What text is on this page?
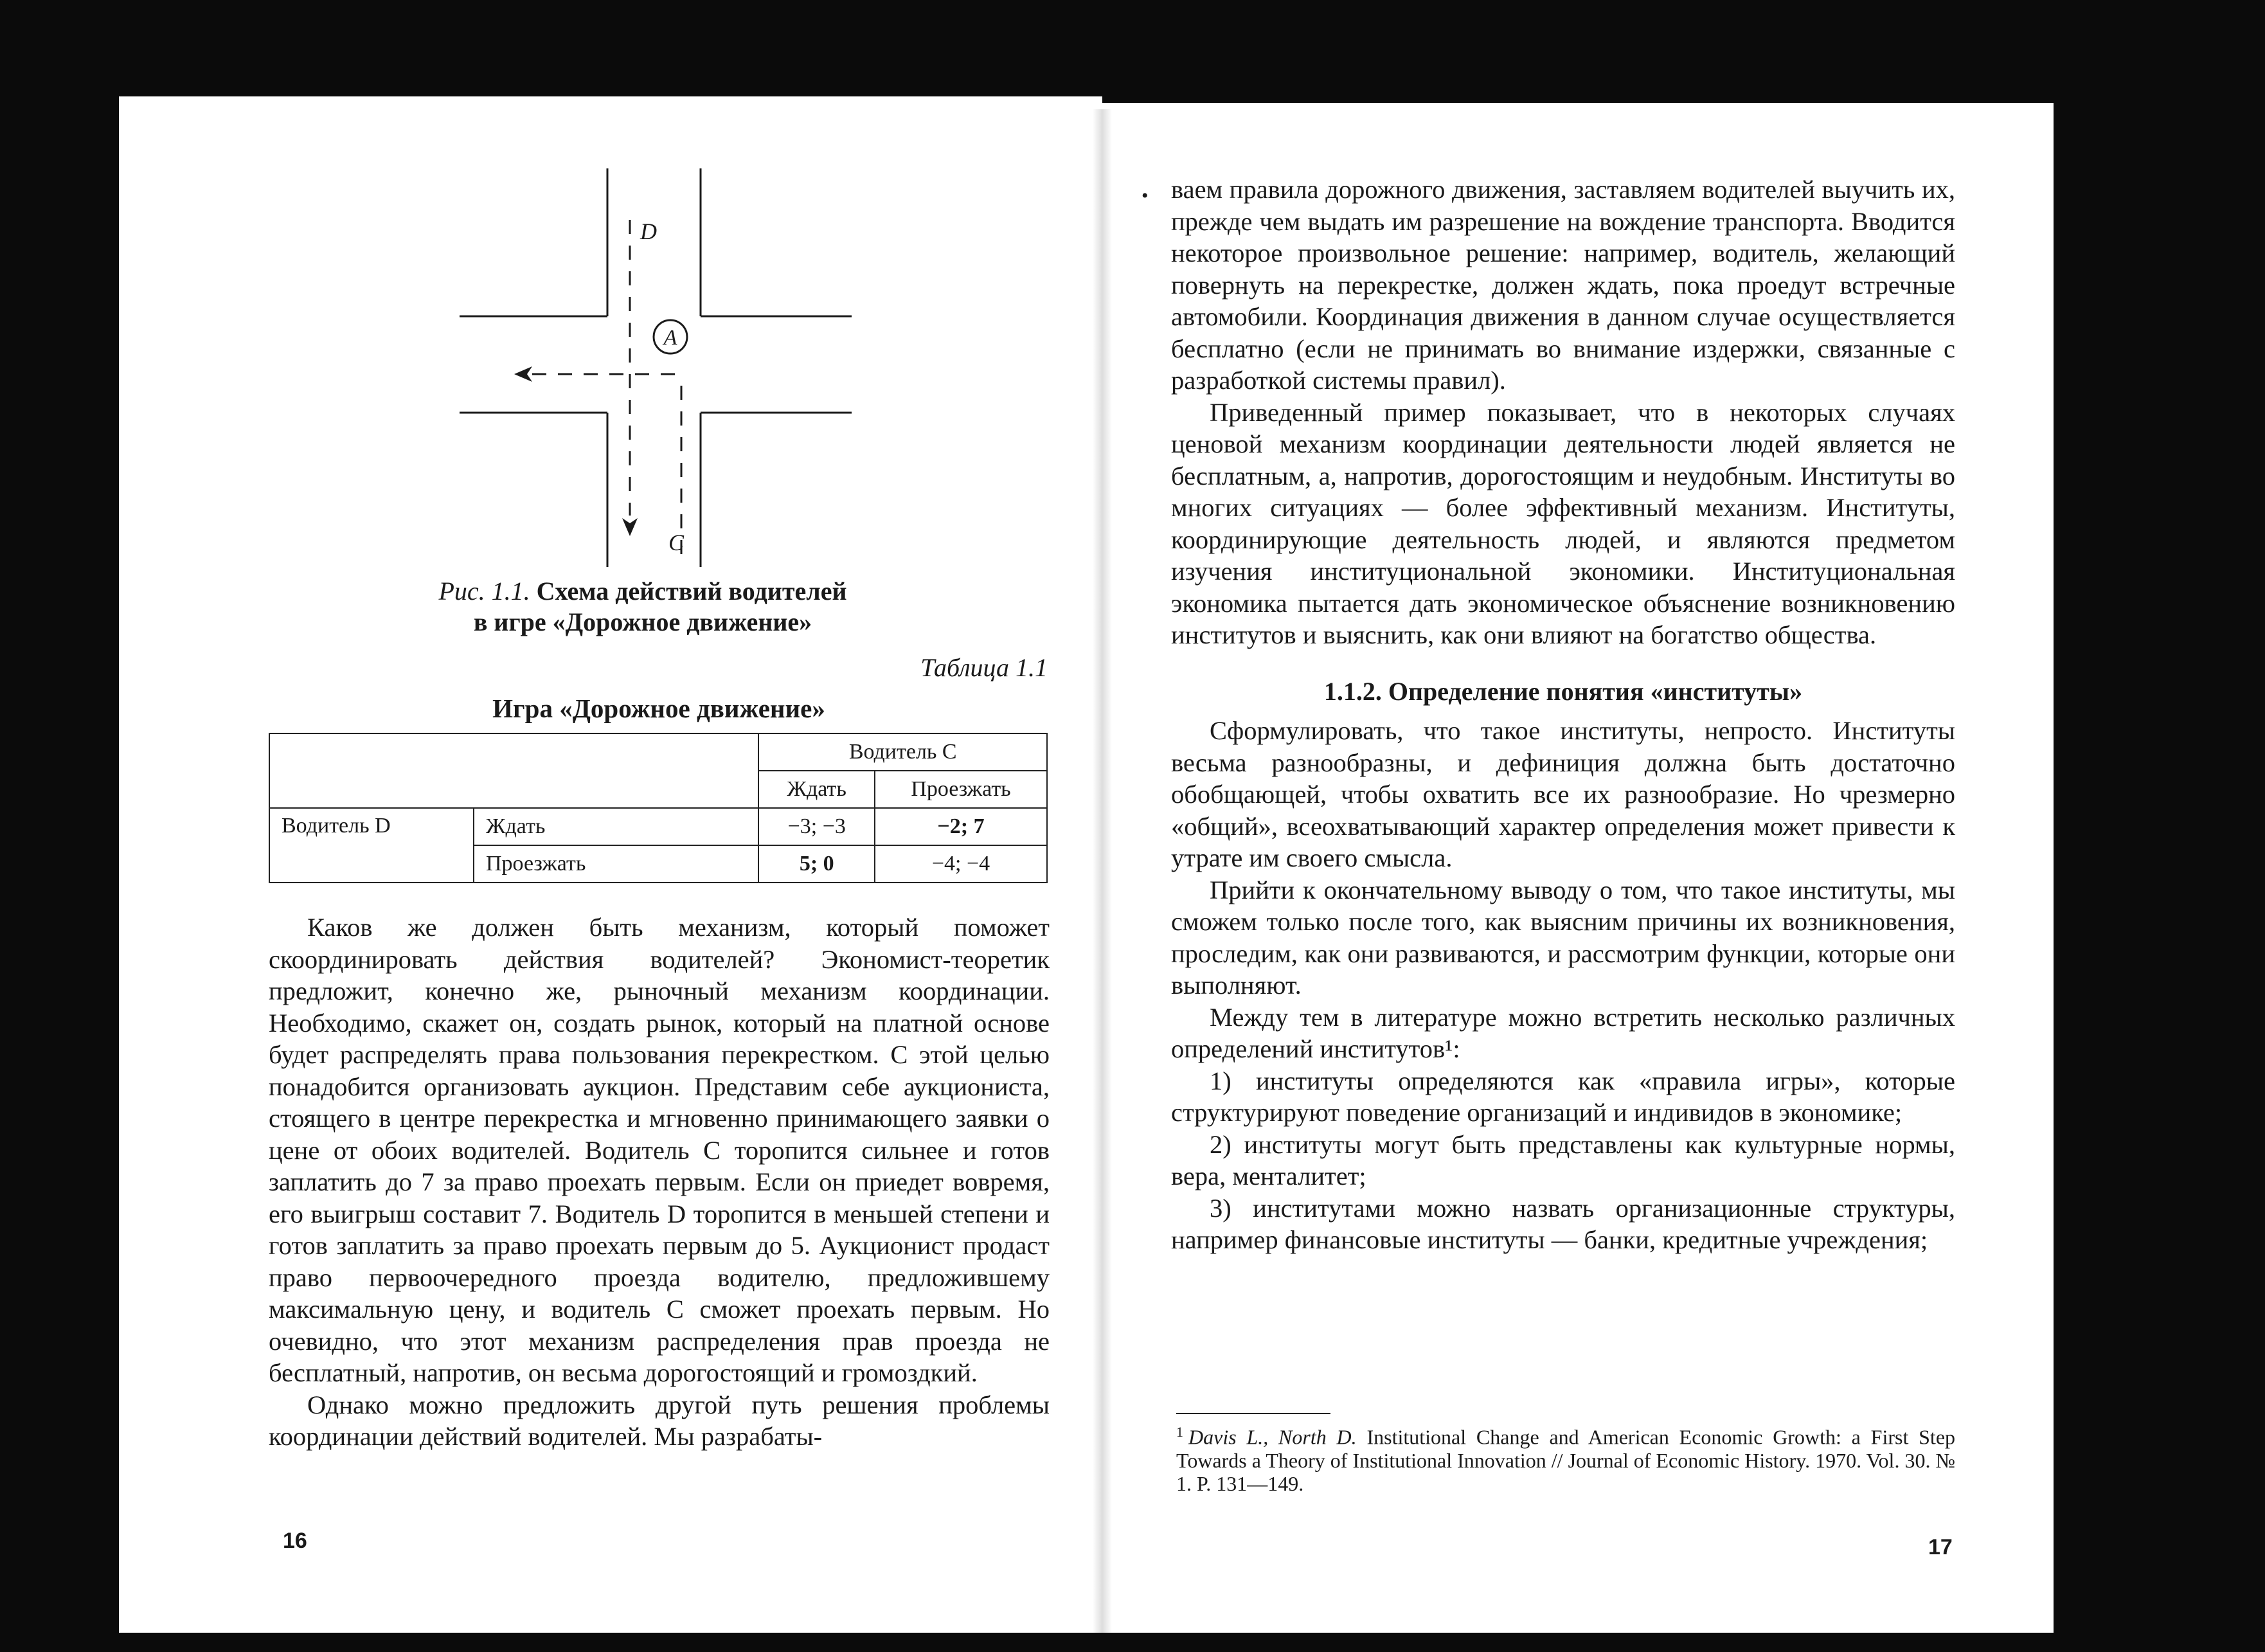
A
D
C
Рис. 1.1. Схема действий водителей
в игре «Дорожное движение»
Таблица 1.1
Игра «Дорожное движение»
		Водитель C	
		Ждать	Проезжать
Водитель D	Ждать	−3; −3	−2; 7
	Проезжать	5; 0	−4; −4

Каков же должен быть механизм, который поможет скоординировать действия водителей? Экономист-теоретик предложит, конечно же, рыночный механизм координации. Необходимо, скажет он, создать рынок, который на платной основе будет распределять права пользования перекрестком. С этой целью понадобится организовать аукцион. Представим себе аукциониста, стоящего в центре перекрестка и мгновенно принимающего заявки о цене от обоих водителей. Водитель C торопится сильнее и готов заплатить до 7 за право проехать первым. Если он приедет вовремя, его выигрыш составит 7. Водитель D торопится в меньшей степени и готов заплатить за право проехать первым до 5. Аукционист продаст право первоочередного проезда водителю, предложившему максимальную цену, и водитель C сможет проехать первым. Но очевидно, что этот механизм распределения прав проезда не бесплатный, напротив, он весьма дорогостоящий и громоздкий.

Однако можно предложить другой путь решения проблемы координации действий водителей. Мы разрабаты-

• ваем правила дорожного движения, заставляем водителей выучить их, прежде чем выдать им разрешение на вождение транспорта. Вводится некоторое произвольное решение: например, водитель, желающий повернуть на перекрестке, должен ждать, пока проедут встречные автомобили. Координация движения в данном случае осуществляется бесплатно (если не принимать во внимание издержки, связанные с разработкой системы правил).

Приведенный пример показывает, что в некоторых случаях ценовой механизм координации деятельности людей является не бесплатным, а, напротив, дорогостоящим и неудобным. Институты во многих ситуациях — более эффективный механизм. Институты, координирующие деятельность людей, и являются предметом изучения институциональной экономики. Институциональная экономика пытается дать экономическое объяснение возникновению институтов и выяснить, как они влияют на богатство общества.

1.1.2. Определение понятия «институты»

Сформулировать, что такое институты, непросто. Институты весьма разнообразны, и дефиниция должна быть достаточно обобщающей, чтобы охватить все их разнообразие. Но чрезмерно «общий», всеохватывающий характер определения может привести к утрате им своего смысла.

Прийти к окончательному выводу о том, что такое институты, мы сможем только после того, как выясним причины их возникновения, проследим, как они развиваются, и рассмотрим функции, которые они выполняют.

Между тем в литературе можно встретить несколько различных определений институтов¹:

1) институты определяются как «правила игры», которые структурируют поведение организаций и индивидов в экономике;

2) институты могут быть представлены как культурные нормы, вера, менталитет;

3) институтами можно назвать организационные структуры, например финансовые институты — банки, кредитные учреждения;

$^1$ Davis L., North D. Institutional Change and American Economic Growth: a First Step Towards a Theory of Institutional Innovation // Journal of Economic History. 1970. Vol. 30. № 1. P. 131—149.
16	17
